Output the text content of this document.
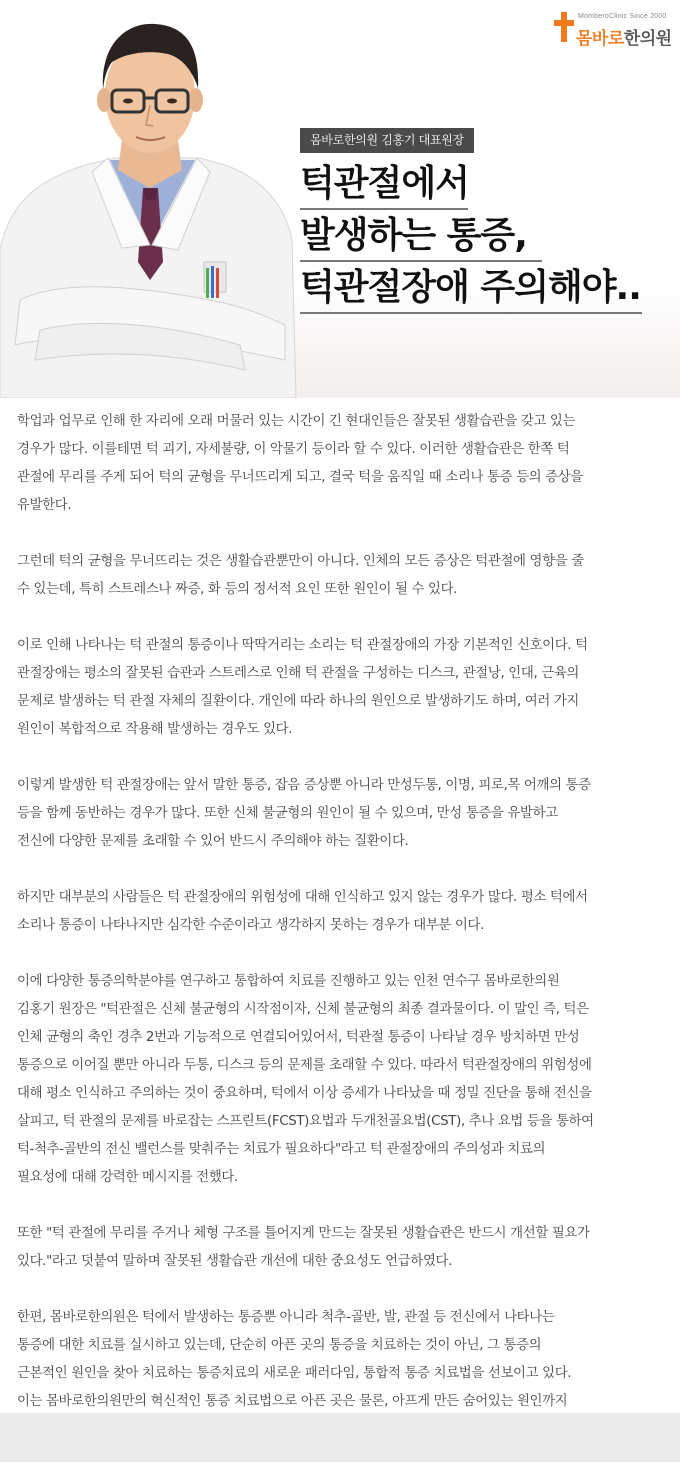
MomberoClinic Since 2000
몸바로한의원
몸바로한의원 김홍기 대표원장
턱관절에서
발생하는 통증,
턱관절장애 주의해야..

학업과 업무로 인해 한 자리에 오래 머물러 있는 시간이 긴 현대인들은 잘못된 생활습관을 갖고 있는
경우가 많다. 이를테면 턱 괴기, 자세불량, 이 악물기 등이라 할 수 있다. 이러한 생활습관은 한쪽 턱
관절에 무리를 주게 되어 턱의 균형을 무너뜨리게 되고, 결국 턱을 움직일 때 소리나 통증 등의 증상을
유발한다.

그런데 턱의 균형을 무너뜨리는 것은 생활습관뿐만이 아니다. 인체의 모든 증상은 턱관절에 영향을 줄
수 있는데, 특히 스트레스나 짜증, 화 등의 정서적 요인 또한 원인이 될 수 있다.

이로 인해 나타나는 턱 관절의 통증이나 딱딱거리는 소리는 턱 관절장애의 가장 기본적인 신호이다. 턱
관절장애는 평소의 잘못된 습관과 스트레스로 인해 턱 관절을 구성하는 디스크, 관절낭, 인대, 근육의
문제로 발생하는 턱 관절 자체의 질환이다. 개인에 따라 하나의 원인으로 발생하기도 하며, 여러 가지
원인이 복합적으로 작용해 발생하는 경우도 있다.

이렇게 발생한 턱 관절장애는 앞서 말한 통증, 잡음 증상뿐 아니라 만성두통, 이명, 피로,목 어깨의 통증
등을 함께 동반하는 경우가 많다. 또한 신체 불균형의 원인이 될 수 있으며, 만성 통증을 유발하고
전신에 다양한 문제를 초래할 수 있어 반드시 주의해야 하는 질환이다.

하지만 대부분의 사람들은 턱 관절장애의 위험성에 대해 인식하고 있지 않는 경우가 많다. 평소 턱에서
소리나 통증이 나타나지만 심각한 수준이라고 생각하지 못하는 경우가 대부분 이다.

이에 다양한 통증의학분야를 연구하고 통합하여 치료를 진행하고 있는 인천 연수구 몸바로한의원
김홍기 원장은 "턱관절은 신체 불균형의 시작점이자, 신체 불균형의 최종 결과물이다. 이 말인 즉, 턱은
인체 균형의 축인 경추 2번과 기능적으로 연결되어있어서, 턱관절 통증이 나타날 경우 방치하면 만성
통증으로 이어질 뿐만 아니라 두통, 디스크 등의 문제를 초래할 수 있다. 따라서 턱관절장애의 위험성에
대해 평소 인식하고 주의하는 것이 중요하며, 턱에서 이상 증세가 나타났을 때 정밀 진단을 통해 전신을
살피고, 턱 관절의 문제를 바로잡는 스프린트(FCST)요법과 두개천골요법(CST), 추나 요법 등을 통하여
턱-척추-골반의 전신 밸런스를 맞춰주는 치료가 필요하다"라고 턱 관절장애의 주의성과 치료의
필요성에 대해 강력한 메시지를 전했다.

또한 "턱 관절에 무리를 주거나 체형 구조를 틀어지게 만드는 잘못된 생활습관은 반드시 개선할 필요가
있다."라고 덧붙여 말하며 잘못된 생활습관 개선에 대한 중요성도 언급하였다.

한편, 몸바로한의원은 턱에서 발생하는 통증뿐 아니라 척추-골반, 발, 관절 등 전신에서 나타나는
통증에 대한 치료를 실시하고 있는데, 단순히 아픈 곳의 통증을 치료하는 것이 아닌, 그 통증의
근본적인 원인을 찾아 치료하는 통증치료의 새로운 패러다임, 통합적 통증 치료법을 선보이고 있다.
이는 몸바로한의원만의 혁신적인 통증 치료법으로 아픈 곳은 물론, 아프게 만든 숨어있는 원인까지
